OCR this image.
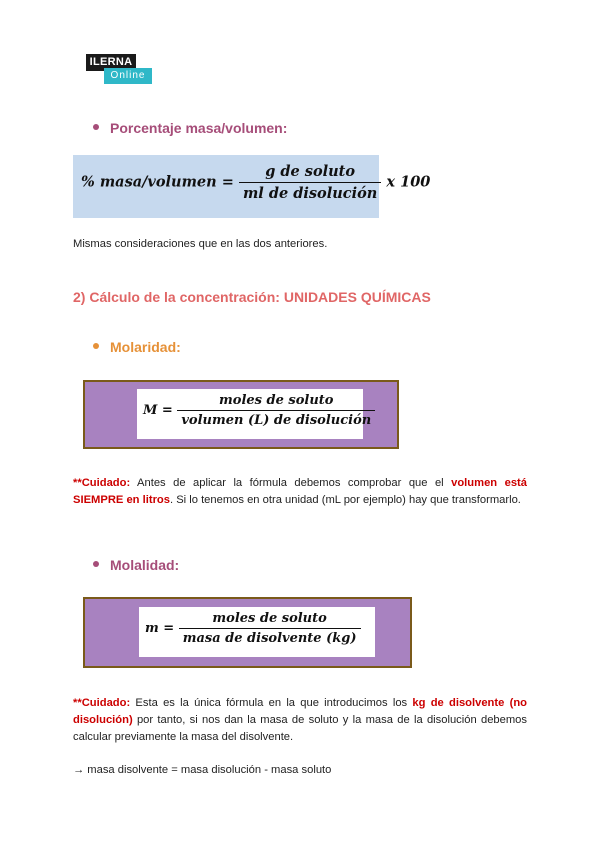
ILERNA
Online
Porcentaje masa/volumen:
% masa/volumen = $\frac{\text{g de soluto}}{\text{ml de disolución}}$ x 100
Mismas consideraciones que en las dos anteriores.
2) Cálculo de la concentración: UNIDADES QUÍMICAS
Molaridad:
$M = \frac{\text{moles de soluto}}{\text{volumen (L) de disolución}}$
**Cuidado: Antes de aplicar la fórmula debemos comprobar que el volumen está SIEMPRE en litros. Si lo tenemos en otra unidad (mL por ejemplo) hay que transformarlo.
Molalidad:
$m = \frac{\text{moles de soluto}}{\text{masa de disolvente (kg)}}$
**Cuidado: Esta es la única fórmula en la que introducimos los kg de disolvente (no disolución) por tanto, si nos dan la masa de soluto y la masa de la disolución debemos calcular previamente la masa del disolvente.
→ masa disolvente = masa disolución - masa soluto
